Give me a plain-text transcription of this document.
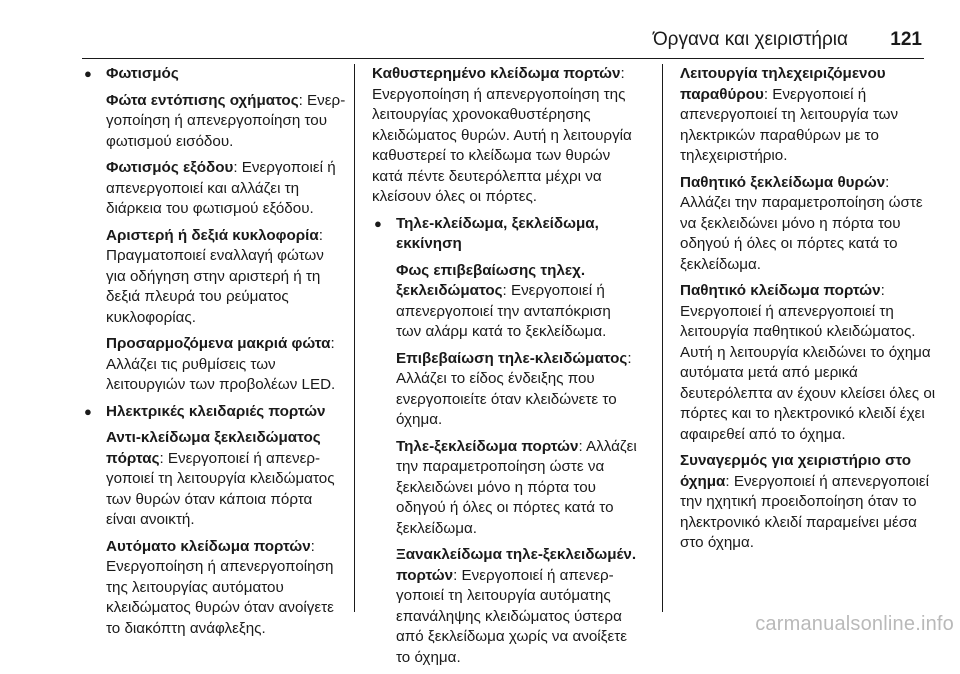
Όργανα και χειριστήρια 121
● Φωτισμός

Φώτα εντόπισης οχήματος: Ενεργοποίηση ή απενεργοποίηση του φωτισμού εισόδου.

Φωτισμός εξόδου: Ενεργοποιεί ή απενεργοποιεί και αλλάζει τη διάρκεια του φωτισμού εξόδου.

Αριστερή ή δεξιά κυκλοφορία: Πραγματοποιεί εναλλαγή φώτων για οδήγηση στην αριστερή ή τη δεξιά πλευρά του ρεύματος κυκλοφορίας.

Προσαρμοζόμενα μακριά φώτα: Αλλάζει τις ρυθμίσεις των λειτουργιών των προβολέων LED.

● Ηλεκτρικές κλειδαριές πορτών

Αντι-κλείδωμα ξεκλειδώματος πόρτας: Ενεργοποιεί ή απενεργοποιεί τη λειτουργία κλειδώματος των θυρών όταν κάποια πόρτα είναι ανοικτή.

Αυτόματο κλείδωμα πορτών: Ενεργοποίηση ή απενεργοποίηση της λειτουργίας αυτόματου κλειδώματος θυρών όταν ανοίγετε το διακόπτη ανάφλεξης.

Καθυστερημένο κλείδωμα πορτών: Ενεργοποίηση ή απενεργοποίηση της λειτουργίας χρονοκαθυστέρησης κλειδώματος θυρών. Αυτή η λειτουργία καθυστερεί το κλείδωμα των θυρών κατά πέντε δευτερόλεπτα μέχρι να κλείσουν όλες οι πόρτες.

● Τηλε-κλείδωμα, ξεκλείδωμα, εκκίνηση

Φως επιβεβαίωσης τηλεχ. ξεκλειδώματος: Ενεργοποιεί ή απενεργοποιεί την ανταπόκριση των αλάρμ κατά το ξεκλείδωμα.

Επιβεβαίωση τηλε-κλειδώματος: Αλλάζει το είδος ένδειξης που ενεργοποιείτε όταν κλειδώνετε το όχημα.

Τηλε-ξεκλείδωμα πορτών: Αλλάζει την παραμετροποίηση ώστε να ξεκλειδώνει μόνο η πόρτα του οδηγού ή όλες οι πόρτες κατά το ξεκλείδωμα.

Ξανακλείδωμα τηλε-ξεκλειδωμέν. πορτών: Ενεργοποιεί ή απενεργοποιεί τη λειτουργία αυτόματης επανάληψης κλειδώματος ύστερα από ξεκλείδωμα χωρίς να ανοίξετε το όχημα.

Λειτουργία τηλεχειριζόμενου παραθύρου: Ενεργοποιεί ή απενεργοποιεί τη λειτουργία των ηλεκτρικών παραθύρων με το τηλεχειριστήριο.

Παθητικό ξεκλείδωμα θυρών: Αλλάζει την παραμετροποίηση ώστε να ξεκλειδώνει μόνο η πόρτα του οδηγού ή όλες οι πόρτες κατά το ξεκλείδωμα.

Παθητικό κλείδωμα πορτών: Ενεργοποιεί ή απενεργοποιεί τη λειτουργία παθητικού κλειδώματος. Αυτή η λειτουργία κλειδώνει το όχημα αυτόματα μετά από μερικά δευτερόλεπτα αν έχουν κλείσει όλες οι πόρτες και το ηλεκτρονικό κλειδί έχει αφαιρεθεί από το όχημα.

Συναγερμός για χειριστήριο στο όχημα: Ενεργοποιεί ή απενεργοποιεί την ηχητική προειδοποίηση όταν το ηλεκτρονικό κλειδί παραμείνει μέσα στο όχημα.

carmanualsonline.info
